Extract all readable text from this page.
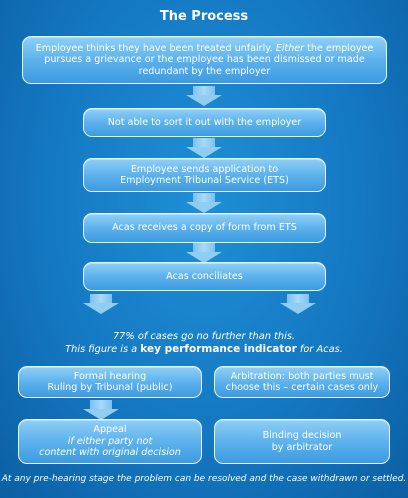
The Process
Employee thinks they have been treated unfairly. Either the employee pursues a grievance or the employee has been dismissed or made redundant by the employer
Not able to sort it out with the employer
Employee sends application to
Employment Tribunal Service (ETS)
Acas receives a copy of form from ETS
Acas conciliates
77% of cases go no further than this.
This figure is a key performance indicator for Acas.
Formal hearing
Ruling by Tribunal (public)
Arbitration: both parties must
choose this – certain cases only
Appeal
if either party not
content with original decision
Binding decision
by arbitrator
At any pre-hearing stage the problem can be resolved and the case withdrawn or settled.
